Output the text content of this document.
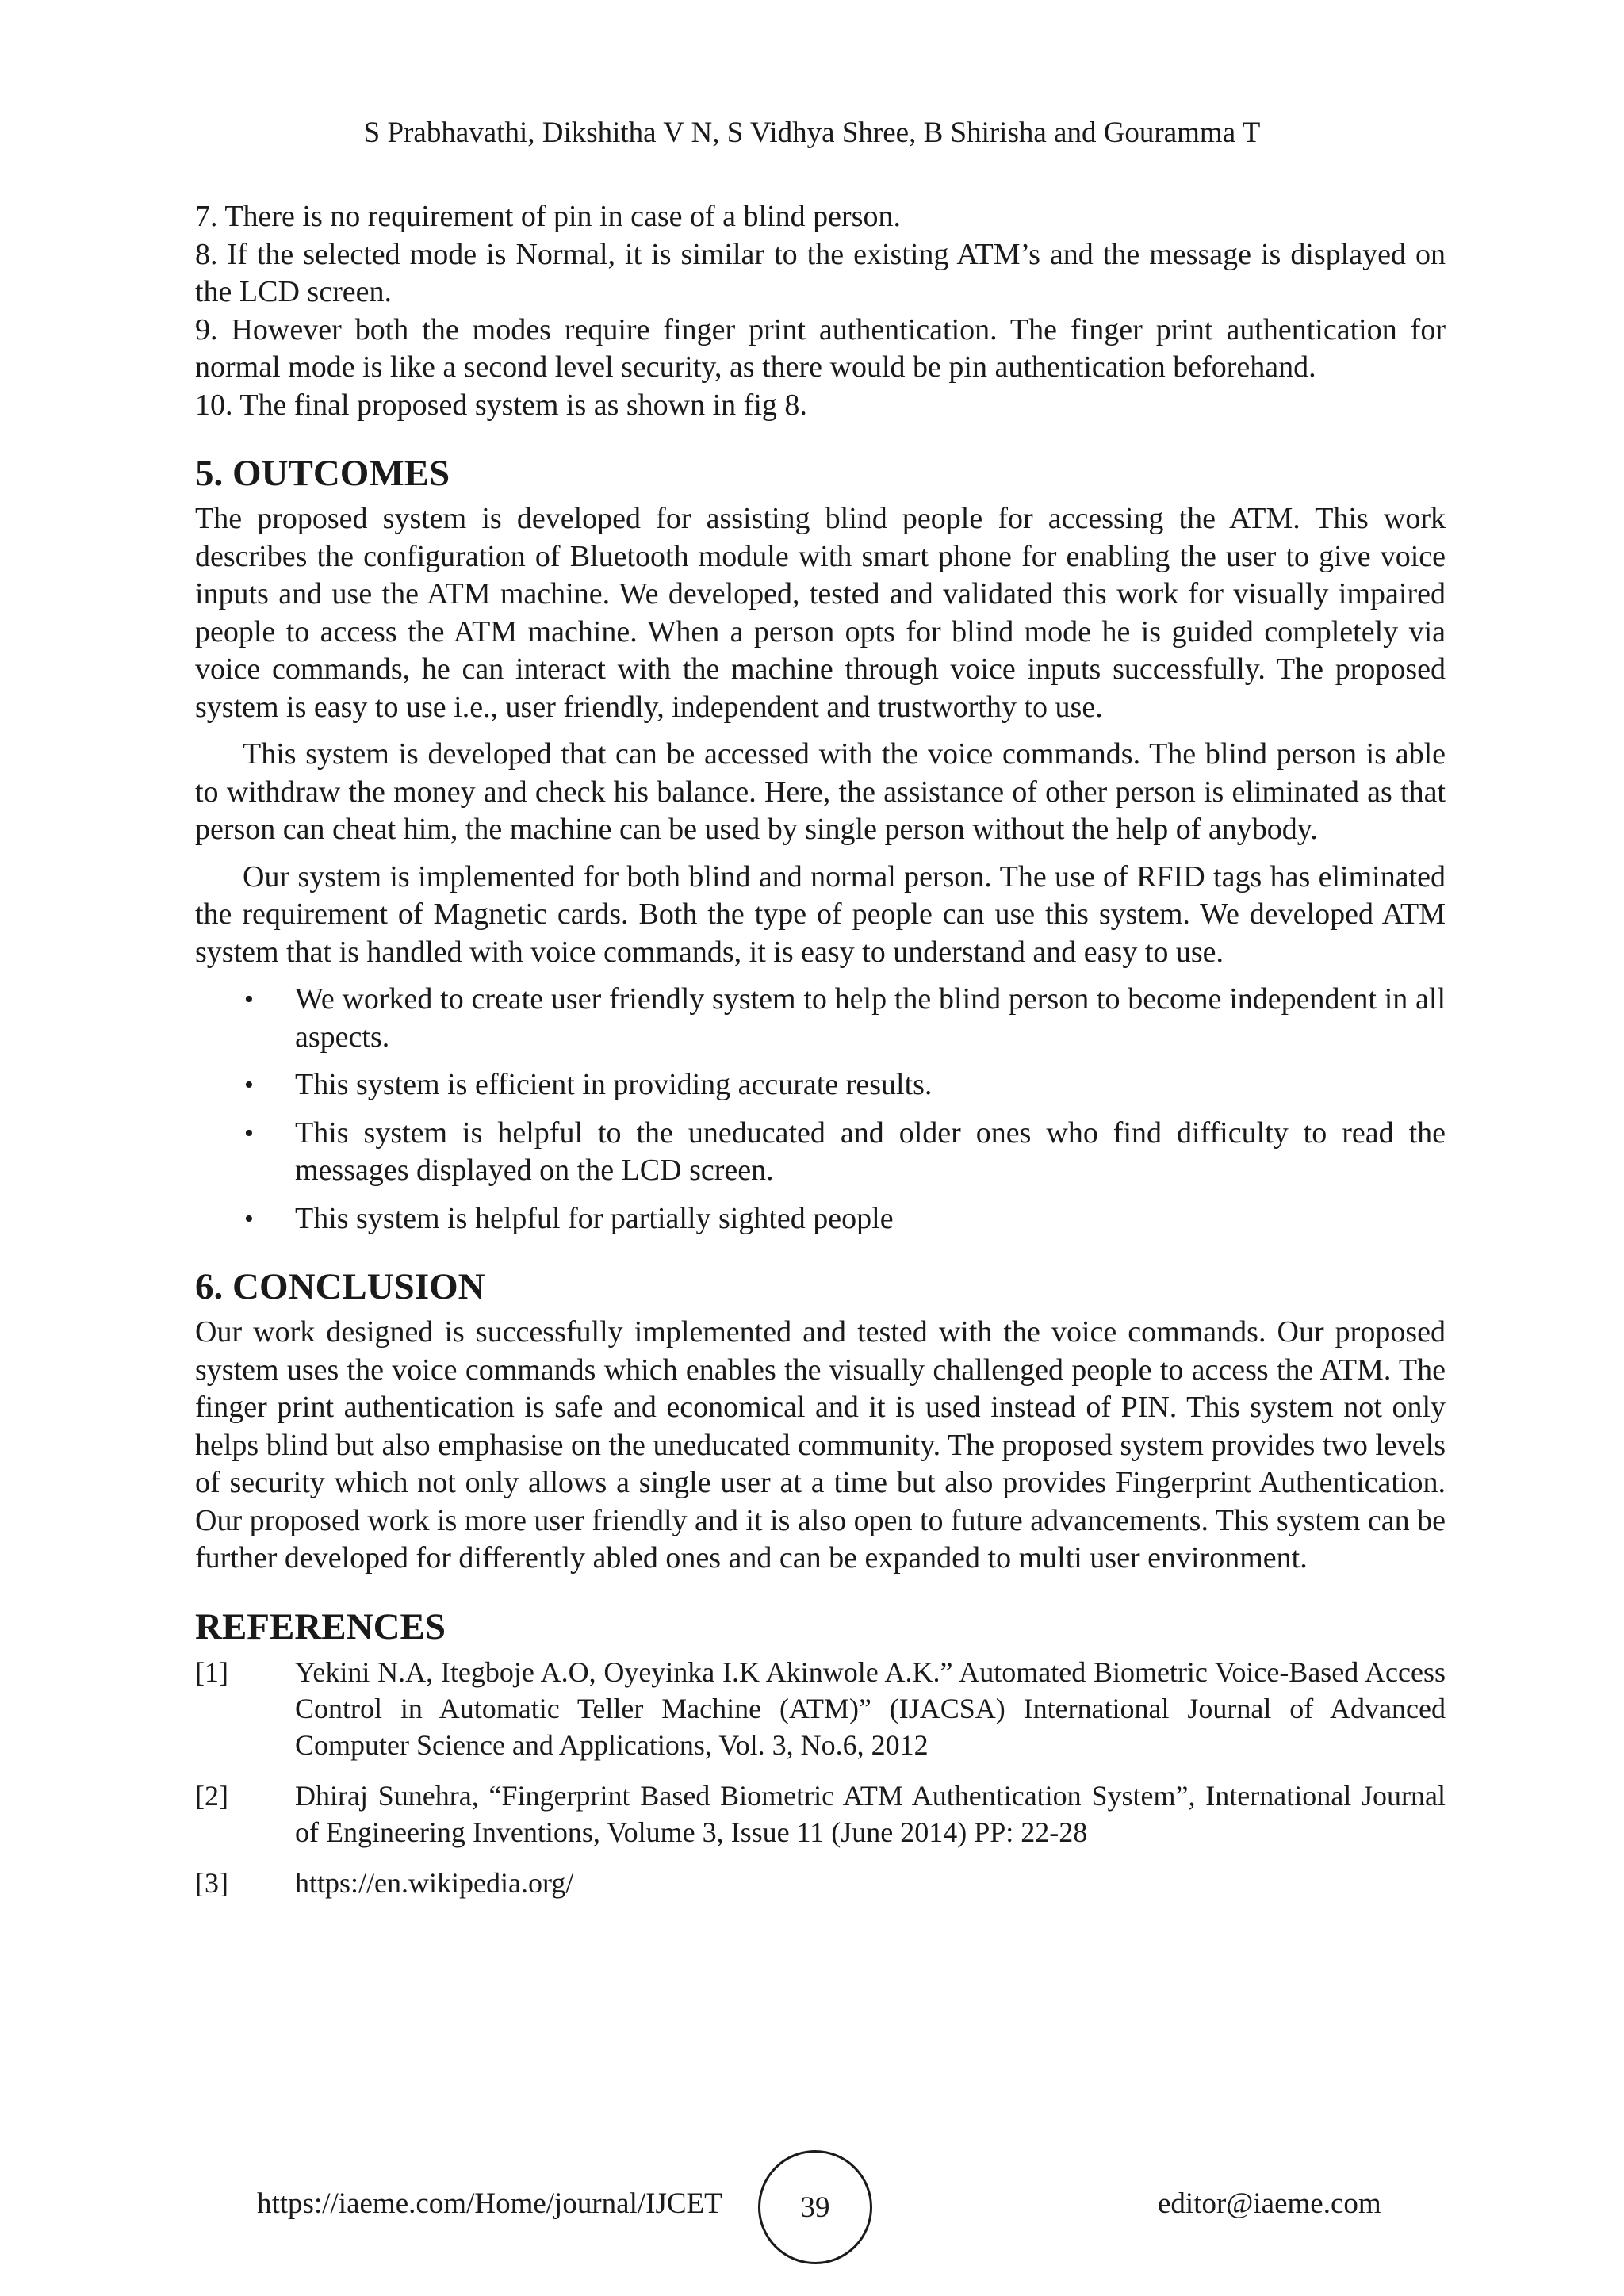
S Prabhavathi, Dikshitha V N, S Vidhya Shree, B Shirisha and Gouramma T

7. There is no requirement of pin in case of a blind person.

8. If the selected mode is Normal, it is similar to the existing ATM’s and the message is displayed on the LCD screen.

9. However both the modes require finger print authentication. The finger print authentication for normal mode is like a second level security, as there would be pin authentication beforehand.

10. The final proposed system is as shown in fig 8.

5. OUTCOMES

The proposed system is developed for assisting blind people for accessing the ATM. This work describes the configuration of Bluetooth module with smart phone for enabling the user to give voice inputs and use the ATM machine. We developed, tested and validated this work for visually impaired people to access the ATM machine. When a person opts for blind mode he is guided completely via voice commands, he can interact with the machine through voice inputs successfully. The proposed system is easy to use i.e., user friendly, independent and trustworthy to use.

This system is developed that can be accessed with the voice commands. The blind person is able to withdraw the money and check his balance. Here, the assistance of other person is eliminated as that person can cheat him, the machine can be used by single person without the help of anybody.

Our system is implemented for both blind and normal person. The use of RFID tags has eliminated the requirement of Magnetic cards. Both the type of people can use this system. We developed ATM system that is handled with voice commands, it is easy to understand and easy to use.

• We worked to create user friendly system to help the blind person to become independent in all aspects.
• This system is efficient in providing accurate results.
• This system is helpful to the uneducated and older ones who find difficulty to read the messages displayed on the LCD screen.
• This system is helpful for partially sighted people
6. CONCLUSION

Our work designed is successfully implemented and tested with the voice commands. Our proposed system uses the voice commands which enables the visually challenged people to access the ATM. The finger print authentication is safe and economical and it is used instead of PIN. This system not only helps blind but also emphasise on the uneducated community. The proposed system provides two levels of security which not only allows a single user at a time but also provides Fingerprint Authentication. Our proposed work is more user friendly and it is also open to future advancements. This system can be further developed for differently abled ones and can be expanded to multi user environment.

REFERENCES
[1]	Yekini N.A, Itegboje A.O, Oyeyinka I.K Akinwole A.K.” Automated Biometric Voice-Based Access Control in Automatic Teller Machine (ATM)” (IJACSA) International Journal of Advanced Computer Science and Applications, Vol. 3, No.6, 2012
[2]	Dhiraj Sunehra, “Fingerprint Based Biometric ATM Authentication System”, International Journal of Engineering Inventions, Volume 3, Issue 11 (June 2014) PP: 22-28
[3]	https://en.wikipedia.org/
https://iaeme.com/Home/journal/IJCET	39	editor@iaeme.com
